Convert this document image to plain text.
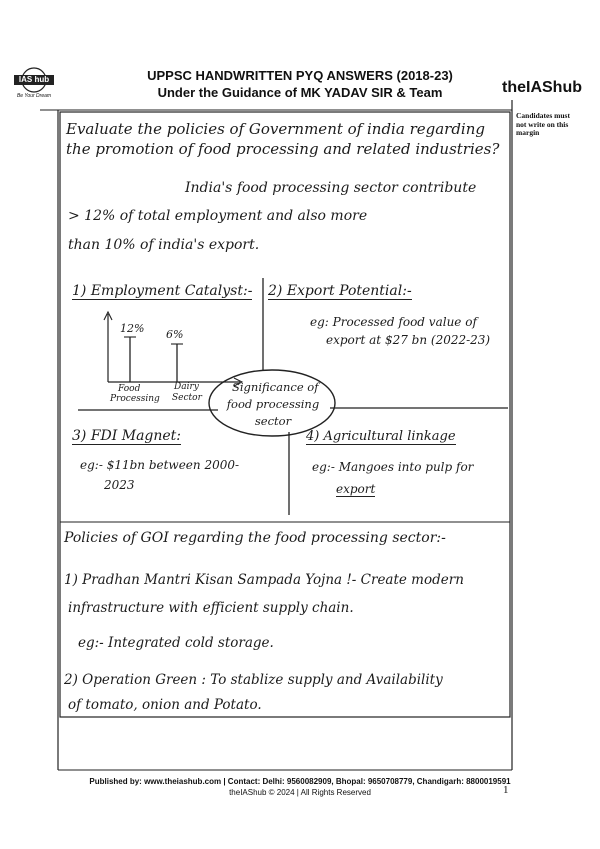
IAS hub
Be Your Dream
UPPSC HANDWRITTEN PYQ ANSWERS (2018-23)
Under the Guidance of MK YADAV SIR & Team	theIAShub
Candidates must not write on this margin
Evaluate the policies of Government of india regarding
the promotion of food processing and related industries?
India's food processing sector contribute
> 12% of total employment and also more
than 10% of india's export.
Significance of
food processing
sector
1) Employment Catalyst:-
12% 6%
Food
Processing
Dairy
Sector
2) Export Potential:-
eg: Processed food value of
export at $27 bn (2022-23)
3) FDI Magnet:
eg:- $11bn between 2000-
2023
4) Agricultural linkage
eg:- Mangoes into pulp for
export
Policies of GOI regarding the food processing sector:-
1) Pradhan Mantri Kisan Sampada Yojna !- Create modern
infrastructure with efficient supply chain.
eg:- Integrated cold storage.
2) Operation Green : To stablize supply and Availability
of tomato, onion and Potato.
Published by: www.theiashub.com | Contact: Delhi: 9560082909, Bhopal: 9650708779, Chandigarh: 8800019591
theIAShub © 2024 | All Rights Reserved	1
